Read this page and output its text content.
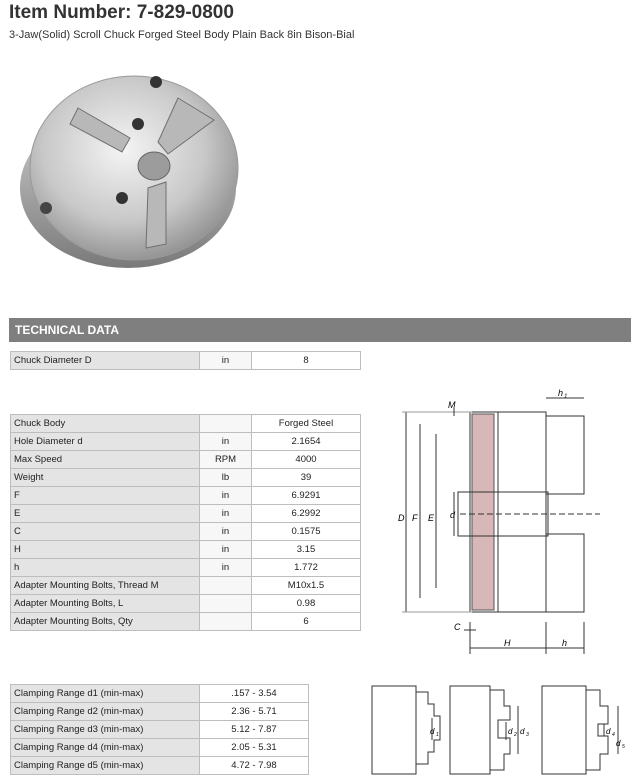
Item Number: 7-829-0800
3-Jaw(Solid) Scroll Chuck Forged Steel Body Plain Back 8in Bison-Bial
TECHNICAL DATA
Chuck Diameter D	in	8
Chuck Body		Forged Steel
Hole Diameter d	in	2.1654
Max Speed	RPM	4000
Weight	lb	39
F	in	6.9291
E	in	6.2992
C	in	0.1575
H	in	3.15
h	in	1.772
Adapter Mounting Bolts, Thread M		M10x1.5
Adapter Mounting Bolts, L		0.98
Adapter Mounting Bolts, Qty		6
M
h 1
D F E d
C
H	h
Clamping Range d1 (min-max)	.157 - 3.54
Clamping Range d2 (min-max)	2.36 - 5.71
Clamping Range d3 (min-max)	5.12 - 7.87
Clamping Range d4 (min-max)	2.05 - 5.31
Clamping Range d5 (min-max)	4.72 - 7.98
d 1	d 2 d 3	d 4
d 5
